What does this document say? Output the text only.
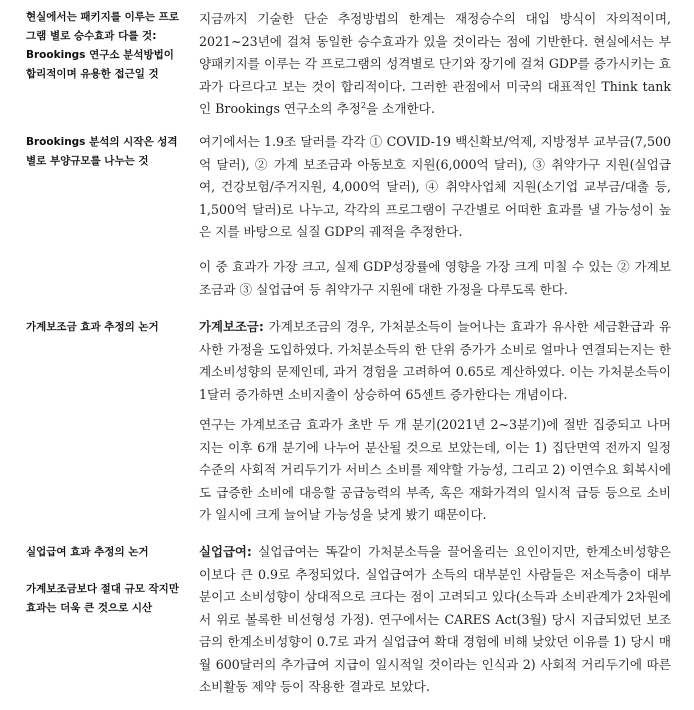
현실에서는 패키지를 이루는 프로그램 별로 승수효과 다를 것: Brookings 연구소 분석방법이 합리적이며 유용한 접근일 것

지금까지 기술한 단순 추정방법의 한계는 재정승수의 대입 방식이 자의적이며, 2021~23년에 걸쳐 동일한 승수효과가 있을 것이라는 점에 기반한다. 현실에서는 부양패키지를 이루는 각 프로그램의 성격별로 단기와 장기에 걸쳐 GDP를 증가시키는 효과가 다르다고 보는 것이 합리적이다. 그러한 관점에서 미국의 대표적인 Think tank인 Brookings 연구소의 추정$^2$을 소개한다.

Brookings 분석의 시작은 성격별로 부양규모를 나누는 것

여기에서는 1.9조 달러를 각각 ① COVID-19 백신확보/억제, 지방정부 교부금(7,500억 달러), ② 가계 보조금과 아동보호 지원(6,000억 달러), ③ 취약가구 지원(실업급여, 건강보험/주거지원, 4,000억 달러), ④ 취약사업체 지원(소기업 교부금/대출 등, 1,500억 달러)로 나누고, 각각의 프로그램이 구간별로 어떠한 효과를 낼 가능성이 높은 지를 바탕으로 실질 GDP의 궤적을 추정한다.

이 중 효과가 가장 크고, 실제 GDP성장률에 영향을 가장 크게 미칠 수 있는 ② 가계보조금과 ③ 실업급여 등 취약가구 지원에 대한 가정을 다루도록 한다.

가계보조금 효과 추정의 논거	가계보조금: 가계보조금의 경우, 가처분소득이 늘어나는 효과가 유사한 세금환급과 유사한 가정을 도입하였다. 가처분소득의 한 단위 증가가 소비로 얼마나 연결되는지는 한계소비성향의 문제인데, 과거 경험을 고려하여 0.65로 계산하였다. 이는 가처분소득이 1달러 증가하면 소비지출이 상승하여 65센트 증가한다는 개념이다.

연구는 가계보조금 효과가 초반 두 개 분기(2021년 2~3분기)에 절반 집중되고 나머지는 이후 6개 분기에 나누어 분산될 것으로 보았는데, 이는 1) 집단면역 전까지 일정 수준의 사회적 거리두기가 서비스 소비를 제약할 가능성, 그리고 2) 이연수요 회복시에도 급증한 소비에 대응할 공급능력의 부족, 혹은 재화가격의 일시적 급등 등으로 소비가 일시에 크게 늘어날 가능성을 낮게 봤기 때문이다.

실업급여 효과 추정의 논거

가계보조금보다 절대 규모 작지만 효과는 더욱 큰 것으로 시산

실업급여: 실업급여는 똑같이 가처분소득을 끌어올리는 요인이지만, 한계소비성향은 이보다 큰 0.9로 추정되었다. 실업급여가 소득의 대부분인 사람들은 저소득층이 대부분이고 소비성향이 상대적으로 크다는 점이 고려되고 있다(소득과 소비관계가 2차원에서 위로 볼록한 비선형성 가정). 연구에서는 CARES Act(3월) 당시 지급되었던 보조금의 한계소비성향이 0.7로 과거 실업급여 확대 경험에 비해 낮았던 이유를 1) 당시 매월 600달러의 추가급여 지급이 일시적일 것이라는 인식과 2) 사회적 거리두기에 따른 소비활동 제약 등이 작용한 결과로 보았다.
